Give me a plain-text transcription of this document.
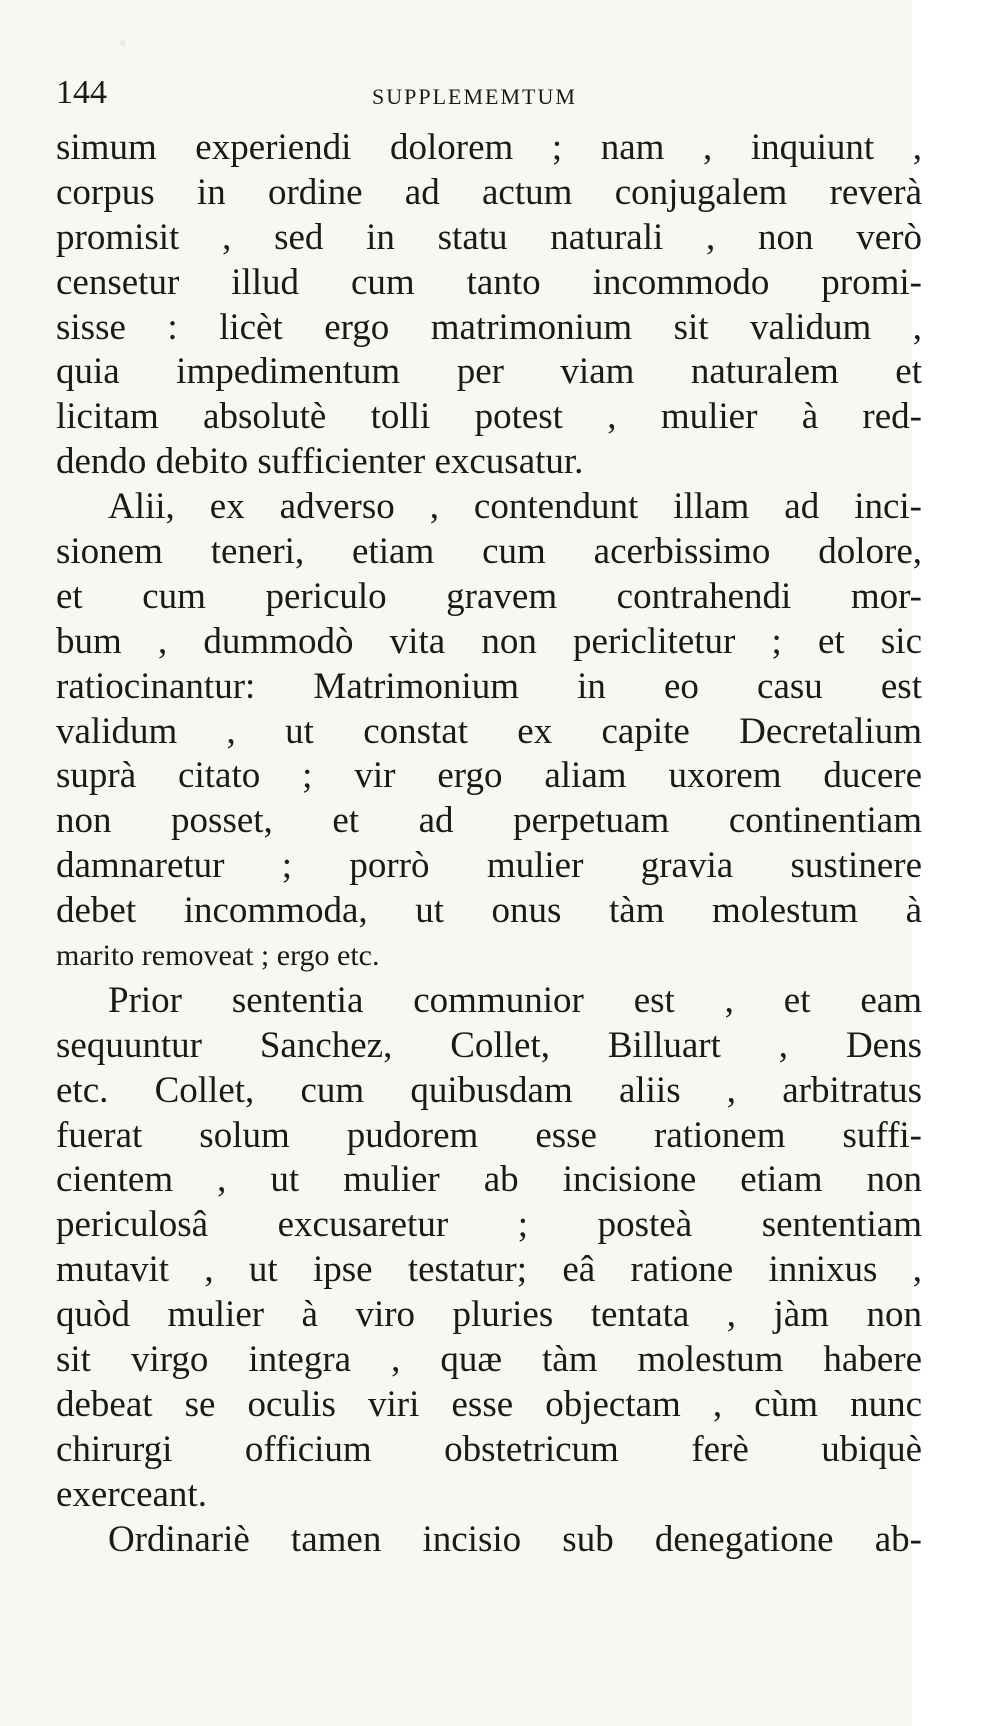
144	SUPPLEMEMTUM
simum experiendi dolorem ; nam , inquiunt ,
corpus in ordine ad actum conjugalem reverà
promisit , sed in statu naturali , non verò
censetur illud cum tanto incommodo promi-
sisse : licèt ergo matrimonium sit validum ,
quia impedimentum per viam naturalem et
licitam absolutè tolli potest , mulier à red-
dendo debito sufficienter excusatur.
Alii, ex adverso , contendunt illam ad inci-
sionem teneri, etiam cum acerbissimo dolore,
et cum periculo gravem contrahendi mor-
bum , dummodò vita non periclitetur ; et sic
ratiocinantur: Matrimonium in eo casu est
validum , ut constat ex capite Decretalium
suprà citato ; vir ergo aliam uxorem ducere
non posset, et ad perpetuam continentiam
damnaretur ; porrò mulier gravia sustinere
debet incommoda, ut onus tàm molestum à
marito removeat ; ergo etc.
Prior sententia communior est , et eam
sequuntur Sanchez, Collet, Billuart , Dens
etc. Collet, cum quibusdam aliis , arbitratus
fuerat solum pudorem esse rationem suffi-
cientem , ut mulier ab incisione etiam non
periculosâ excusaretur ; posteà sententiam
mutavit , ut ipse testatur; eâ ratione innixus ,
quòd mulier à viro pluries tentata , jàm non
sit virgo integra , quæ tàm molestum habere
debeat se oculis viri esse objectam , cùm nunc
chirurgi officium obstetricum ferè ubiquè
exerceant.
Ordinariè tamen incisio sub denegatione ab-
